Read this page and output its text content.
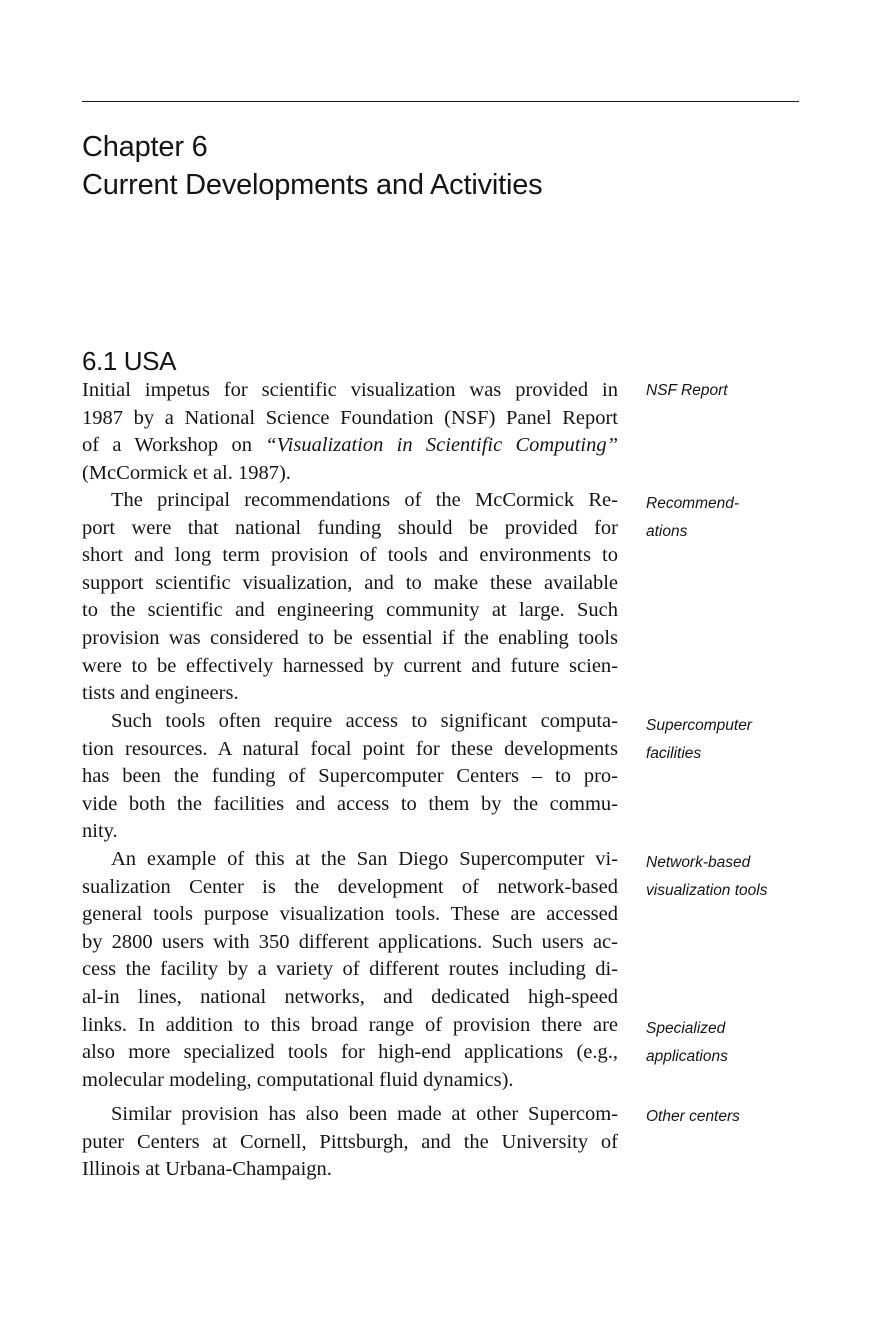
Chapter 6
Current Developments and Activities
6.1 USA

Initial impetus for scientific visualization was provided in
1987 by a National Science Foundation (NSF) Panel Report
of a Workshop on “Visualization in Scientific Computing”
(McCormick et al. 1987).

The principal recommendations of the McCormick Re-
port were that national funding should be provided for
short and long term provision of tools and environments to
support scientific visualization, and to make these available
to the scientific and engineering community at large. Such
provision was considered to be essential if the enabling tools
were to be effectively harnessed by current and future scien-
tists and engineers.

Such tools often require access to significant computa-
tion resources. A natural focal point for these developments
has been the funding of Supercomputer Centers – to pro-
vide both the facilities and access to them by the commu-
nity.

An example of this at the San Diego Supercomputer vi-
sualization Center is the development of network-based
general tools purpose visualization tools. These are accessed
by 2800 users with 350 different applications. Such users ac-
cess the facility by a variety of different routes including di-
al-in lines, national networks, and dedicated high-speed
links. In addition to this broad range of provision there are
also more specialized tools for high-end applications (e.g.,
molecular modeling, computational fluid dynamics).

Similar provision has also been made at other Supercom-
puter Centers at Cornell, Pittsburgh, and the University of
Illinois at Urbana-Champaign.

NSF Report
Recommend-
ations
Supercomputer
facilities
Network-based
visualization tools
Specialized
applications
Other centers
